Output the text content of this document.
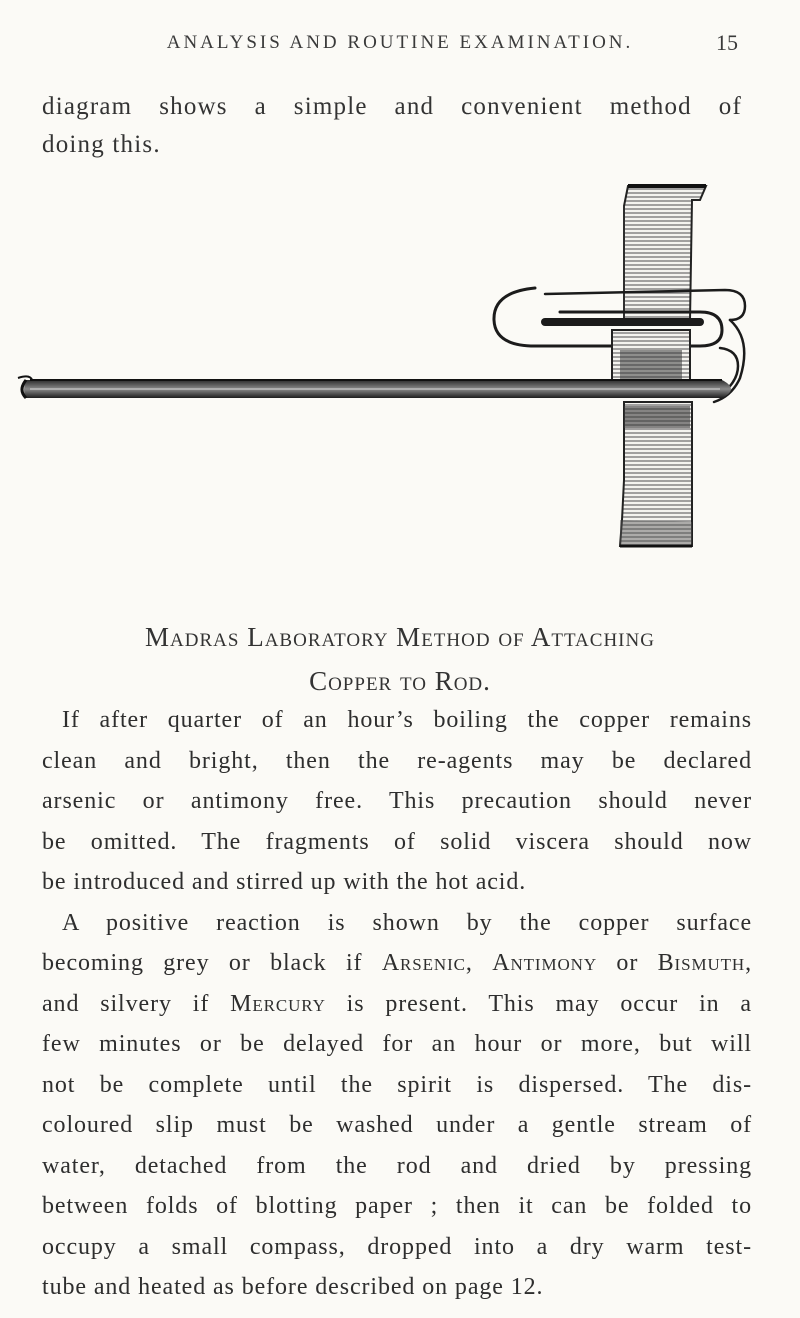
ANALYSIS AND ROUTINE EXAMINATION.	15
diagram shows a simple and convenient method of
doing this.
Madras Laboratory Method of Attaching
Copper to Rod.
If after quarter of an hour’s boiling the copper remains
clean and bright, then the re-agents may be declared
arsenic or antimony free. This precaution should never
be omitted. The fragments of solid viscera should now
be introduced and stirred up with the hot acid.
A positive reaction is shown by the copper surface
becoming grey or black if Arsenic, Antimony or Bismuth,
and silvery if Mercury is present. This may occur in a
few minutes or be delayed for an hour or more, but will
not be complete until the spirit is dispersed. The dis-
coloured slip must be washed under a gentle stream of
water, detached from the rod and dried by pressing
between folds of blotting paper ; then it can be folded to
occupy a small compass, dropped into a dry warm test-
tube and heated as before described on page 12.
